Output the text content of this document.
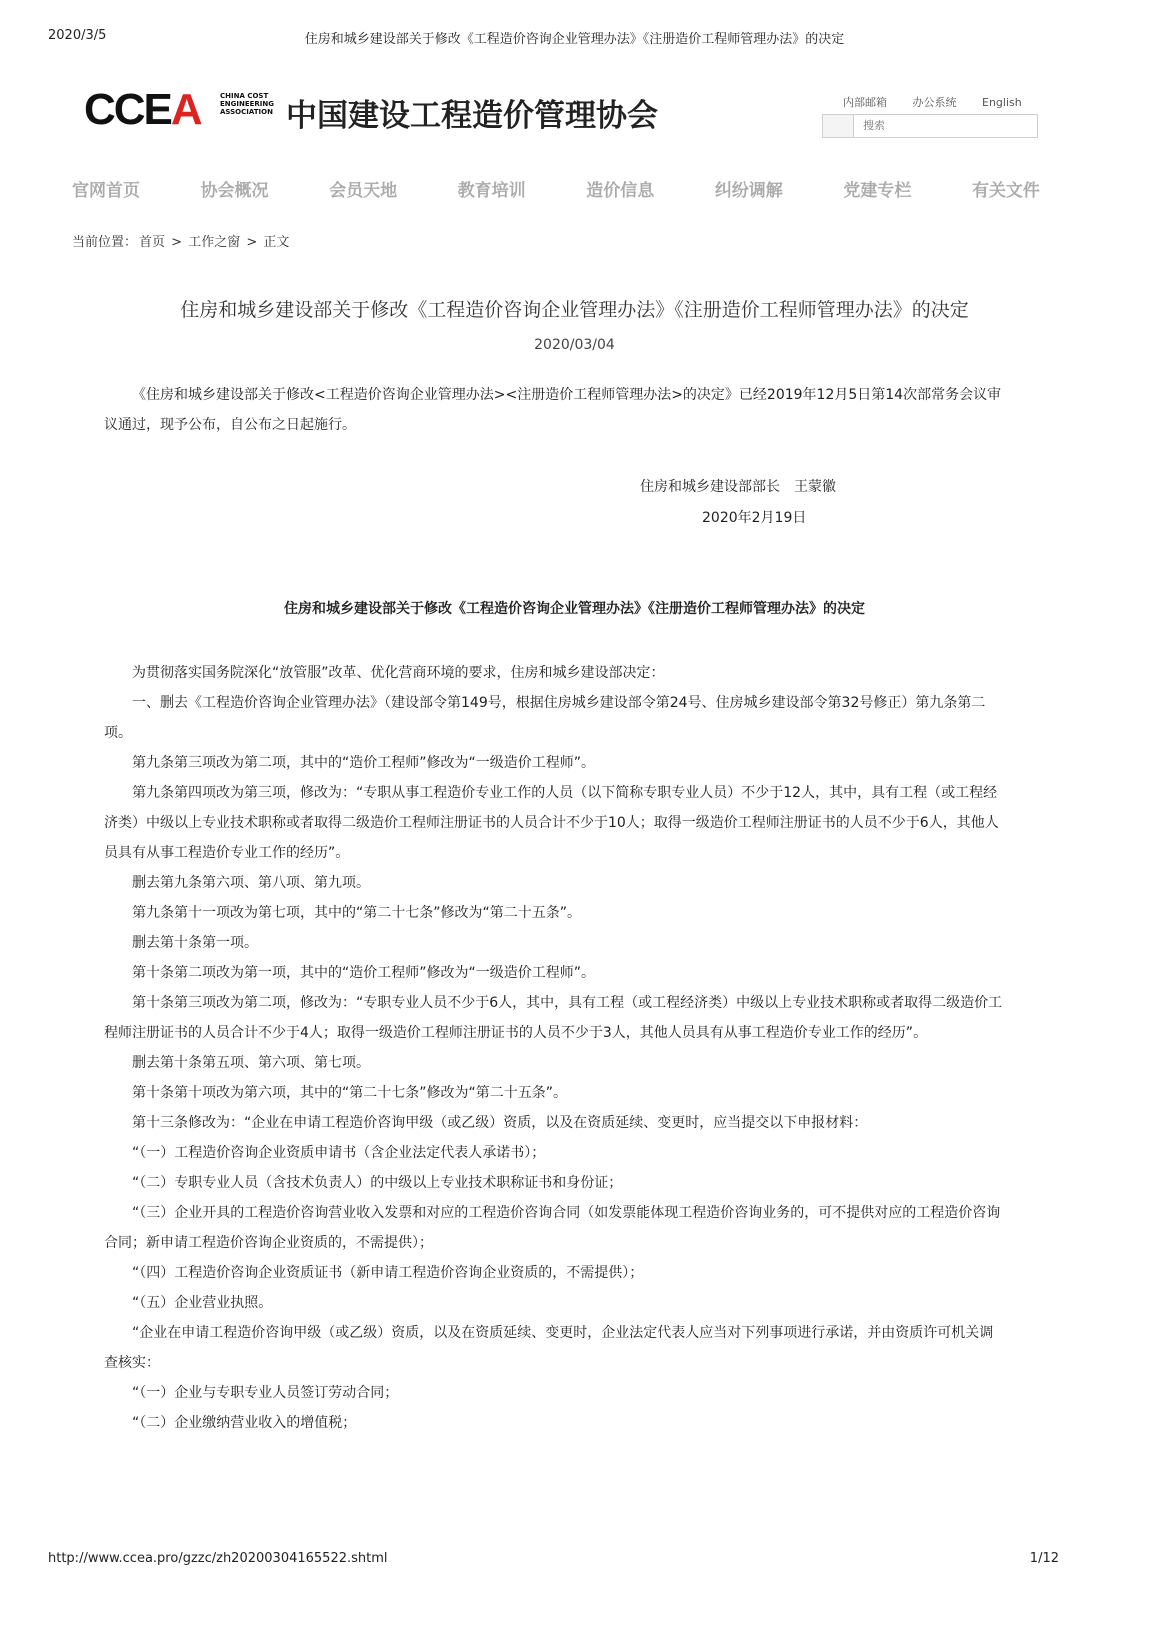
2020/3/5	住房和城乡建设部关于修改《工程造价咨询企业管理办法》《注册造价工程师管理办法》的决定
CCEA	CHINA COST ENGINEERING ASSOCIATION 中国建设工程造价管理协会	内部邮箱 办公系统 English
搜索
官网首页	协会概况	会员天地	教育培训	造价信息	纠纷调解	党建专栏	有关文件
当前位置： 首页 > 工作之窗 > 正文
住房和城乡建设部关于修改《工程造价咨询企业管理办法》《注册造价工程师管理办法》的决定
2020/03/04
《住房和城乡建设部关于修改<工程造价咨询企业管理办法><注册造价工程师管理办法>的决定》已经2019年12月5日第14次部常务会议审议通过，现予公布，自公布之日起施行。
住房和城乡建设部部长　王蒙徽
2020年2月19日
住房和城乡建设部关于修改《工程造价咨询企业管理办法》《注册造价工程师管理办法》的决定

为贯彻落实国务院深化“放管服”改革、优化营商环境的要求，住房和城乡建设部决定：

一、删去《工程造价咨询企业管理办法》（建设部令第149号，根据住房城乡建设部令第24号、住房城乡建设部令第32号修正）第九条第二项。

第九条第三项改为第二项，其中的“造价工程师”修改为“一级造价工程师”。

第九条第四项改为第三项，修改为：“专职从事工程造价专业工作的人员（以下简称专职专业人员）不少于12人，其中，具有工程（或工程经济类）中级以上专业技术职称或者取得二级造价工程师注册证书的人员合计不少于10人；取得一级造价工程师注册证书的人员不少于6人，其他人员具有从事工程造价专业工作的经历”。

删去第九条第六项、第八项、第九项。

第九条第十一项改为第七项，其中的“第二十七条”修改为“第二十五条”。

删去第十条第一项。

第十条第二项改为第一项，其中的“造价工程师”修改为“一级造价工程师”。

第十条第三项改为第二项，修改为：“专职专业人员不少于6人，其中，具有工程（或工程经济类）中级以上专业技术职称或者取得二级造价工程师注册证书的人员合计不少于4人；取得一级造价工程师注册证书的人员不少于3人，其他人员具有从事工程造价专业工作的经历”。

删去第十条第五项、第六项、第七项。

第十条第十项改为第六项，其中的“第二十七条”修改为“第二十五条”。

第十三条修改为：“企业在申请工程造价咨询甲级（或乙级）资质，以及在资质延续、变更时，应当提交以下申报材料：

“（一）工程造价咨询企业资质申请书（含企业法定代表人承诺书）；

“（二）专职专业人员（含技术负责人）的中级以上专业技术职称证书和身份证；

“（三）企业开具的工程造价咨询营业收入发票和对应的工程造价咨询合同（如发票能体现工程造价咨询业务的，可不提供对应的工程造价咨询合同；新申请工程造价咨询企业资质的，不需提供）；

“（四）工程造价咨询企业资质证书（新申请工程造价咨询企业资质的，不需提供）；

“（五）企业营业执照。

“企业在申请工程造价咨询甲级（或乙级）资质，以及在资质延续、变更时，企业法定代表人应当对下列事项进行承诺，并由资质许可机关调查核实：

“（一）企业与专职专业人员签订劳动合同；

“（二）企业缴纳营业收入的增值税；

http://www.ccea.pro/gzzc/zh20200304165522.shtml	1/12
